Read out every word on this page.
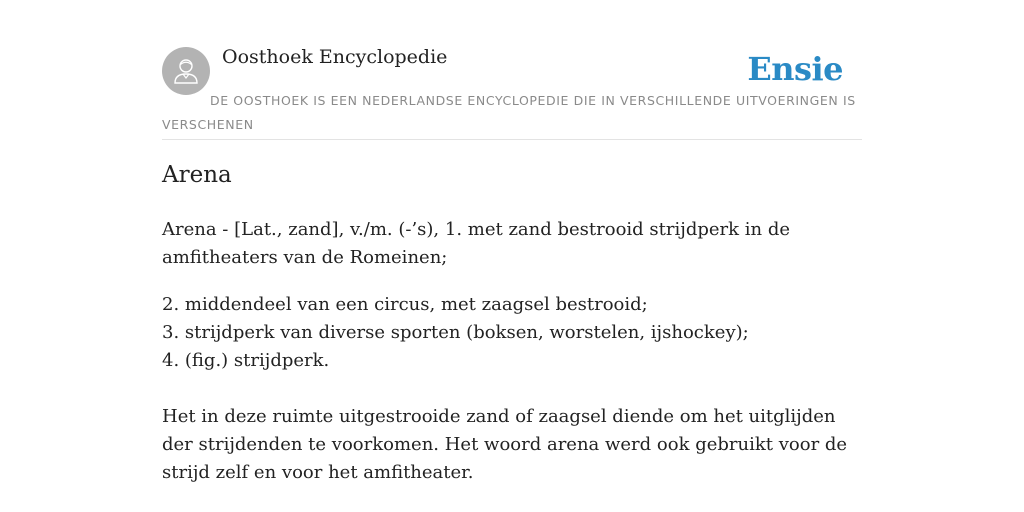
Oosthoek Encyclopedie	Ensie
DE OOSTHOEK IS EEN NEDERLANDSE ENCYCLOPEDIE DIE IN VERSCHILLENDE UITVOERINGEN IS VERSCHENEN
Arena
Arena - [Lat., zand], v./m. (-’s), 1. met zand bestrooid strijdperk in de amfitheaters van de Romeinen;
2. middendeel van een circus, met zaagsel bestrooid;
3. strijdperk van diverse sporten (boksen, worstelen, ijshockey);
4. (fig.) strijdperk.
Het in deze ruimte uitgestrooide zand of zaagsel diende om het uitglijden der strijdenden te voorkomen. Het woord arena werd ook gebruikt voor de strijd zelf en voor het amfitheater.
